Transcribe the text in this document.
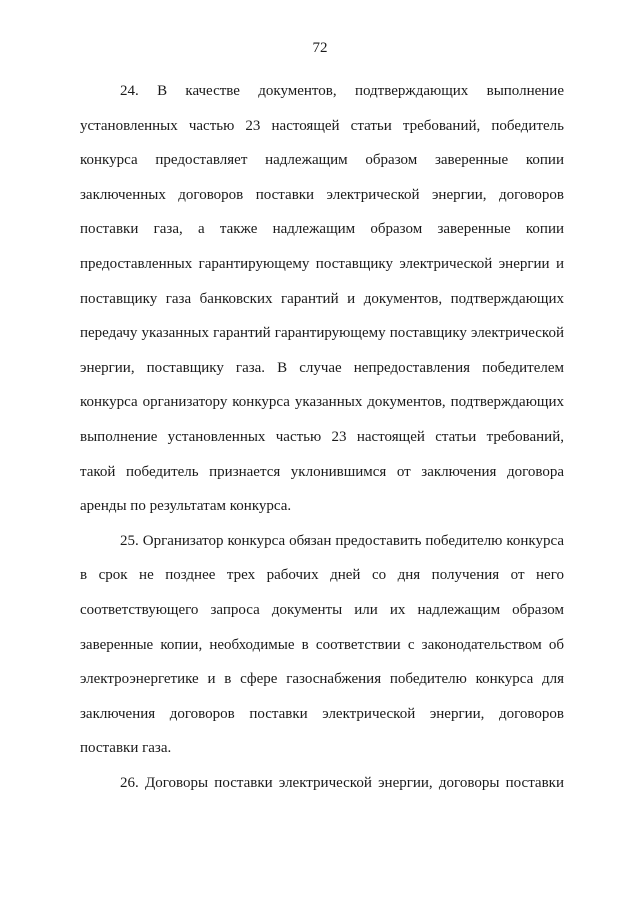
72
24. В качестве документов, подтверждающих выполнение
установленных частью 23 настоящей статьи требований, победитель
конкурса предоставляет надлежащим образом заверенные копии
заключенных договоров поставки электрической энергии, договоров
поставки газа, а также надлежащим образом заверенные копии
предоставленных гарантирующему поставщику электрической энергии и
поставщику газа банковских гарантий и документов, подтверждающих
передачу указанных гарантий гарантирующему поставщику электрической
энергии, поставщику газа. В случае непредоставления победителем
конкурса организатору конкурса указанных документов, подтверждающих
выполнение установленных частью 23 настоящей статьи требований,
такой победитель признается уклонившимся от заключения договора
аренды по результатам конкурса.
25. Организатор конкурса обязан предоставить победителю конкурса
в срок не позднее трех рабочих дней со дня получения от него
соответствующего запроса документы или их надлежащим образом
заверенные копии, необходимые в соответствии с законодательством об
электроэнергетике и в сфере газоснабжения победителю конкурса для
заключения договоров поставки электрической энергии, договоров
поставки газа.
26. Договоры поставки электрической энергии, договоры поставки
